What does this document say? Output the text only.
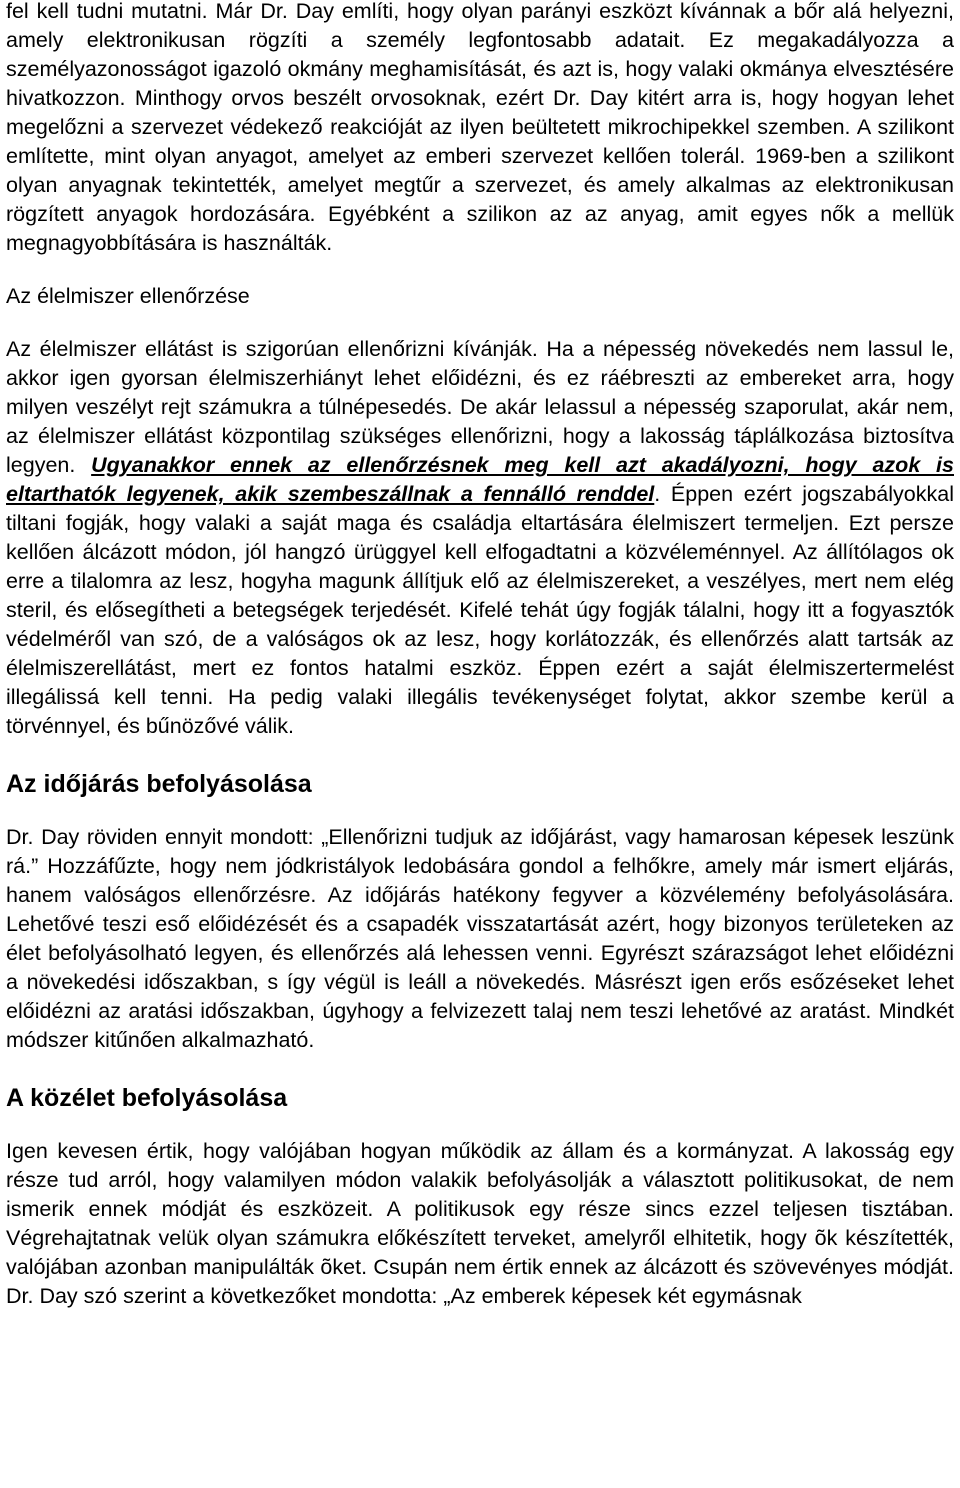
fel kell tudni mutatni. Már Dr. Day említi, hogy olyan parányi eszközt kívánnak a bőr alá helyezni, amely elektronikusan rögzíti a személy legfontosabb adatait. Ez megakadályozza a személyazonosságot igazoló okmány meghamisítását, és azt is, hogy valaki okmánya elvesztésére hivatkozzon. Minthogy orvos beszélt orvosoknak, ezért Dr. Day kitért arra is, hogy hogyan lehet megelőzni a szervezet védekező reakcióját az ilyen beültetett mikrochipekkel szemben. A szilikont említette, mint olyan anyagot, amelyet az emberi szervezet kellően tolerál. 1969-ben a szilikont olyan anyagnak tekintették, amelyet megtűr a szervezet, és amely alkalmas az elektronikusan rögzített anyagok hordozására. Egyébként a szilikon az az anyag, amit egyes nők a mellük megnagyobbítására is használták.

Az élelmiszer ellenőrzése

Az élelmiszer ellátást is szigorúan ellenőrizni kívánják. Ha a népesség növekedés nem lassul le, akkor igen gyorsan élelmiszerhiányt lehet előidézni, és ez ráébreszti az embereket arra, hogy milyen veszélyt rejt számukra a túlnépesedés. De akár lelassul a népesség szaporulat, akár nem, az élelmiszer ellátást központilag szükséges ellenőrizni, hogy a lakosság táplálkozása biztosítva legyen. Ugyanakkor ennek az ellenőrzésnek meg kell azt akadályozni, hogy azok is eltarthatók legyenek, akik szembeszállnak a fennálló renddel. Éppen ezért jogszabályokkal tiltani fogják, hogy valaki a saját maga és családja eltartására élelmiszert termeljen. Ezt persze kellően álcázott módon, jól hangzó ürüggyel kell elfogadtatni a közvéleménnyel. Az állítólagos ok erre a tilalomra az lesz, hogyha magunk állítjuk elő az élelmiszereket, a veszélyes, mert nem elég steril, és elősegítheti a betegségek terjedését. Kifelé tehát úgy fogják tálalni, hogy itt a fogyasztók védelméről van szó, de a valóságos ok az lesz, hogy korlátozzák, és ellenőrzés alatt tartsák az élelmiszerellátást, mert ez fontos hatalmi eszköz. Éppen ezért a saját élelmiszertermelést illegálissá kell tenni. Ha pedig valaki illegális tevékenységet folytat, akkor szembe kerül a törvénnyel, és bűnözővé válik.

Az időjárás befolyásolása

Dr. Day röviden ennyit mondott: „Ellenőrizni tudjuk az időjárást, vagy hamarosan képesek leszünk rá.” Hozzáfűzte, hogy nem jódkristályok ledobására gondol a felhőkre, amely már ismert eljárás, hanem valóságos ellenőrzésre. Az időjárás hatékony fegyver a közvélemény befolyásolására. Lehetővé teszi eső előidézését és a csapadék visszatartását azért, hogy bizonyos területeken az élet befolyásolható legyen, és ellenőrzés alá lehessen venni. Egyrészt szárazságot lehet előidézni a növekedési időszakban, s így végül is leáll a növekedés. Másrészt igen erős esőzéseket lehet előidézni az aratási időszakban, úgyhogy a felvizezett talaj nem teszi lehetővé az aratást. Mindkét módszer kitűnően alkalmazható.

A közélet befolyásolása

Igen kevesen értik, hogy valójában hogyan működik az állam és a kormányzat. A lakosság egy része tud arról, hogy valamilyen módon valakik befolyásolják a választott politikusokat, de nem ismerik ennek módját és eszközeit. A politikusok egy része sincs ezzel teljesen tisztában. Végrehajtatnak velük olyan számukra előkészített terveket, amelyről elhitetik, hogy õk készítették, valójában azonban manipulálták õket. Csupán nem értik ennek az álcázott és szövevényes módját. Dr. Day szó szerint a következőket mondotta: „Az emberek képesek két egymásnak
